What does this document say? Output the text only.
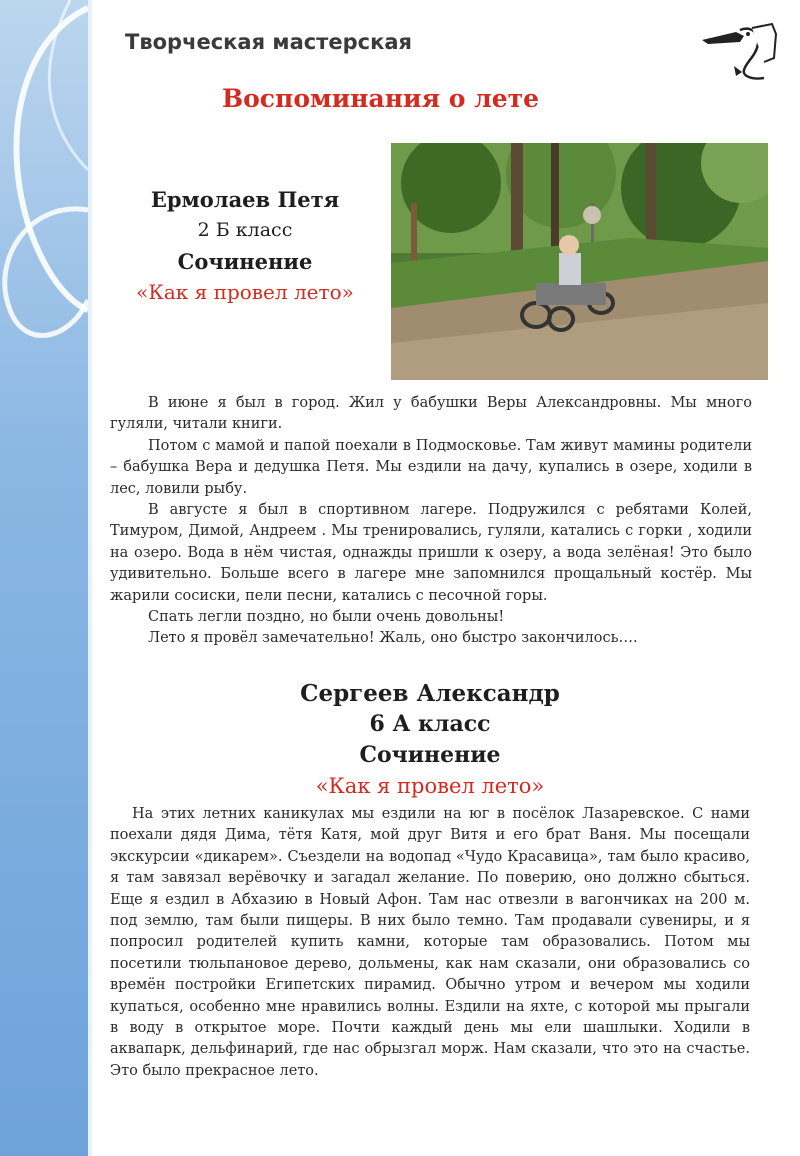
Творческая мастерская
Воспоминания о лете
Ермолаев Петя
2 Б класс
Сочинение
«Как я провел лето»

В июне я был в город. Жил у бабушки Веры Александровны. Мы много гуляли, читали книги.

Потом с мамой и папой поехали в Подмосковье. Там живут мамины родители – бабушка Вера и дедушка Петя. Мы ездили на дачу, купались в озере, ходили в лес, ловили рыбу.

В августе я был в спортивном лагере. Подружился с ребятами Колей, Тимуром, Димой, Андреем . Мы тренировались, гуляли, катались с горки , ходили на озеро. Вода в нём чистая, однажды пришли к озеру, а вода зелёная! Это было удивительно. Больше всего в лагере мне запомнился прощальный костёр. Мы жарили сосиски, пели песни, катались с песочной горы.

Спать легли поздно, но были очень довольны!

Лето я провёл замечательно! Жаль, оно быстро закончилось….

Сергеев Александр
6 А класс
Сочинение
«Как я провел лето»

На этих летних каникулах мы ездили на юг в посёлок Лазаревское. С нами поехали дядя Дима, тётя Катя, мой друг Витя и его брат Ваня. Мы посещали экскурсии «дикарем». Съездели на водопад «Чудо Красавица», там было красиво, я там завязал верёвочку и загадал желание. По поверию, оно должно сбыться. Еще я ездил в Абхазию в Новый Афон. Там нас отвезли в вагончиках на 200 м. под землю, там были пищеры. В них было темно. Там продавали сувениры, и я попросил родителей купить камни, которые там образовались. Потом мы посетили тюльпановое дерево, дольмены, как нам сказали, они образовались со времён постройки Египетских пирамид. Обычно утром и вечером мы ходили купаться, особенно мне нравились волны. Ездили на яхте, с которой мы прыгали в воду в открытое море. Почти каждый день мы ели шашлыки. Ходили в аквапарк, дельфинарий, где нас обрызгал морж. Нам сказали, что это на счастье. Это было прекрасное лето.
